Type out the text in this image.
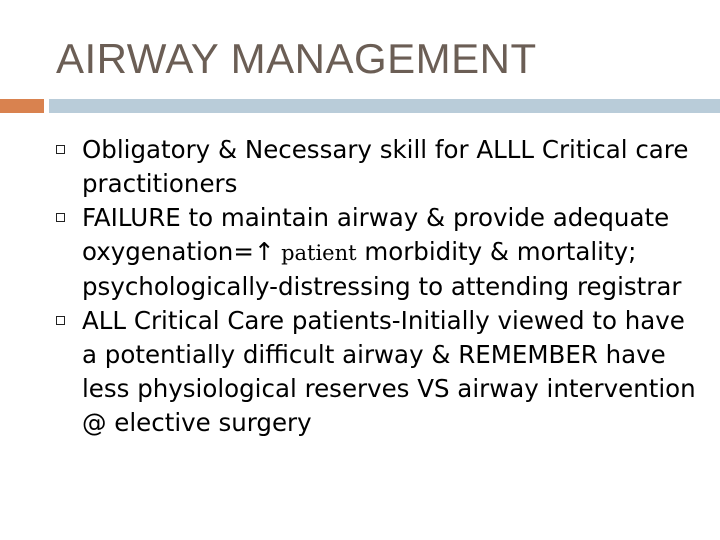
AIRWAY MANAGEMENT
Obligatory & Necessary skill for ALLL Critical care practitioners
FAILURE to maintain airway & provide adequate oxygenation=↑ patient morbidity & mortality; psychologically-distressing to attending registrar
ALL Critical Care patients-Initially viewed to have a potentially difficult airway & REMEMBER have less physiological reserves VS airway intervention @ elective surgery
